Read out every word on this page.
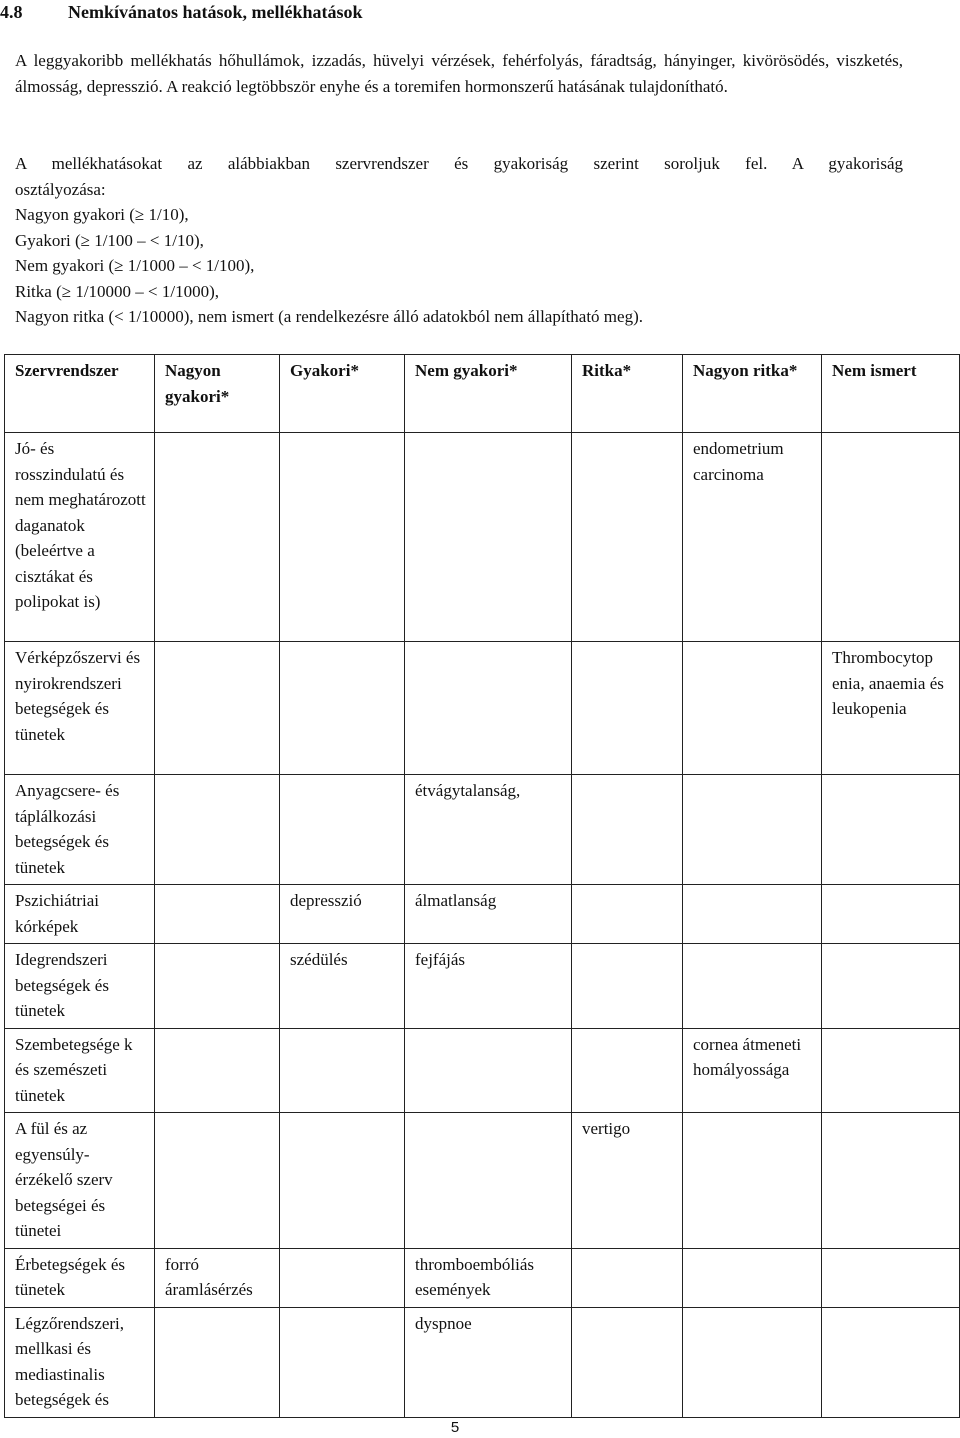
4.8	Nemkívánatos hatások, mellékhatások

A leggyakoribb mellékhatás hőhullámok, izzadás, hüvelyi vérzések, fehérfolyás, fáradtság, hányinger, kivörösödés, viszketés, álmosság, depresszió. A reakció legtöbbször enyhe és a toremifen hormonszerű hatásának tulajdonítható.

A mellékhatásokat az alábbiakban szervrendszer és gyakoriság szerint soroljuk fel. A gyakoriság
osztályozása:
Nagyon gyakori (≥ 1/10),
Gyakori (≥ 1/100 – < 1/10),
Nem gyakori (≥ 1/1000 – < 1/100),
Ritka (≥ 1/10000 – < 1/1000),
Nagyon ritka (< 1/10000), nem ismert (a rendelkezésre álló adatokból nem állapítható meg).
Szervrendszer	Nagyon gyakori*	Gyakori*	Nem gyakori*	Ritka*	Nagyon ritka*	Nem ismert
Jó- és rosszindulatú és nem meghatározott daganatok (beleértve a cisztákat és polipokat is)					endometrium carcinoma	
Vérképzőszervi és nyirokrendszeri betegségek és tünetek						Thrombocytop enia, anaemia és leukopenia
Anyagcsere- és táplálkozási betegségek és tünetek			étvágytalanság,			
Pszichiátriai kórképek		depresszió	álmatlanság			
Idegrendszeri betegségek és tünetek		szédülés	fejfájás			
Szembetegsége k és szemészeti tünetek					cornea átmeneti homályossága	
A fül és az egyensúly-érzékelő szerv betegségei és tünetei				vertigo		
Érbetegségek és tünetek	forró áramlásérzés		thromboembóliás események			
Légzőrendszeri, mellkasi és mediastinalis betegségek és			dyspnoe			
5
